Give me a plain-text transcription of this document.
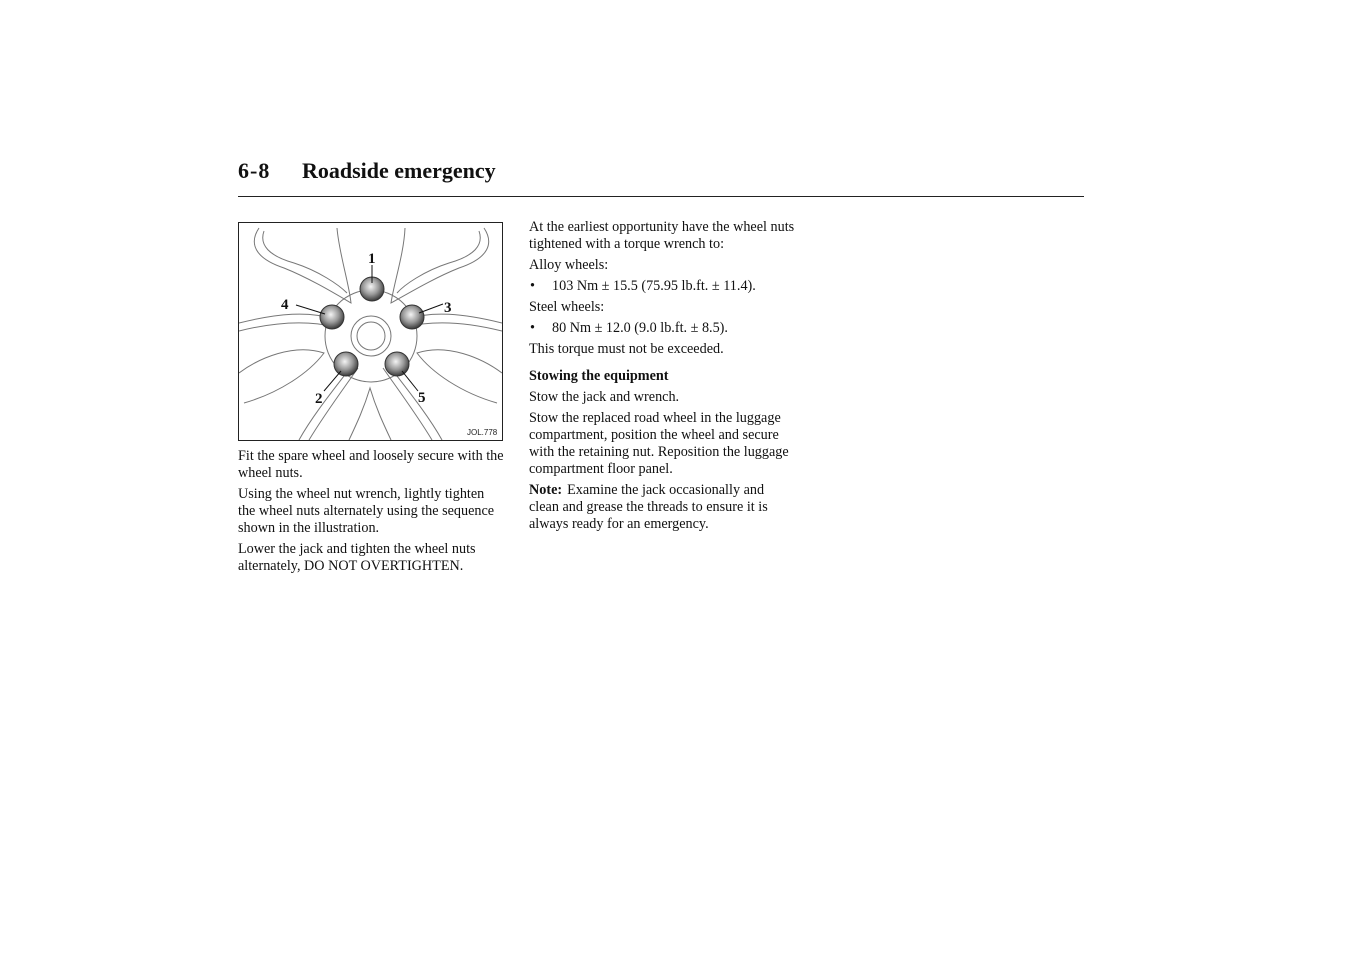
6-8 Roadside emergency
1
2
3
4
5
JOL.778

Fit the spare wheel and loosely secure with the wheel nuts.

Using the wheel nut wrench, lightly tighten the wheel nuts alternately using the sequence shown in the illustration.

Lower the jack and tighten the wheel nuts alternately, DO NOT OVERTIGHTEN.

At the earliest opportunity have the wheel nuts tightened with a torque wrench to:

Alloy wheels:

• 103 Nm ± 15.5 (75.95 lb.ft. ± 11.4).

Steel wheels:

• 80 Nm ± 12.0 (9.0 lb.ft. ± 8.5).

This torque must not be exceeded.

Stowing the equipment

Stow the jack and wrench.

Stow the replaced road wheel in the luggage compartment, position the wheel and secure with the retaining nut. Reposition the luggage compartment floor panel.

Note: Examine the jack occasionally and clean and grease the threads to ensure it is always ready for an emergency.
